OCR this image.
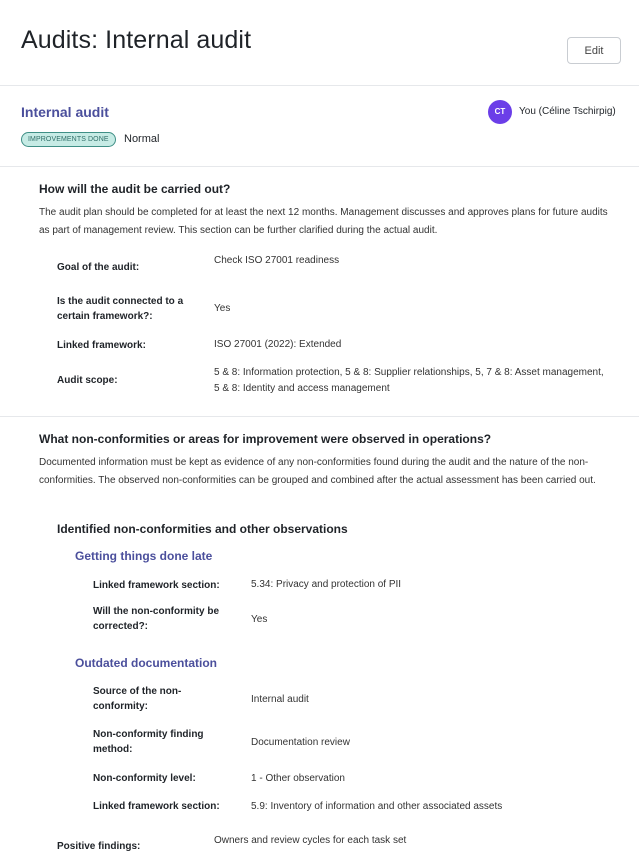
Audits: Internal audit	Edit
Internal audit
IMPROVEMENTS DONE	Normal
CT	You (Céline Tschirpig)
How will the audit be carried out?

The audit plan should be completed for at least the next 12 months. Management discusses and approves plans for future audits as part of management review. This section can be further clarified during the actual audit.

Goal of the audit:
Check ISO 27001 readiness
Is the audit connected to a certain framework?:
Yes
Linked framework:	ISO 27001 (2022): Extended
Audit scope:
5 & 8: Information protection, 5 & 8: Supplier relationships, 5, 7 & 8: Asset management, 5 & 8: Identity and access management
What non-conformities or areas for improvement were observed in operations?

Documented information must be kept as evidence of any non-conformities found during the audit and the nature of the non-conformities. The observed non-conformities can be grouped and combined after the actual assessment has been carried out.

Identified non-conformities and other observations
Getting things done late
Linked framework section:	5.34: Privacy and protection of PII
Will the non-conformity be corrected?:
Yes
Outdated documentation
Source of the non-conformity:
Internal audit
Non-conformity finding method:
Documentation review
Non-conformity level:	1 - Other observation
Linked framework section:	5.9: Inventory of information and other associated assets
Positive findings:
Owners and review cycles for each task set
